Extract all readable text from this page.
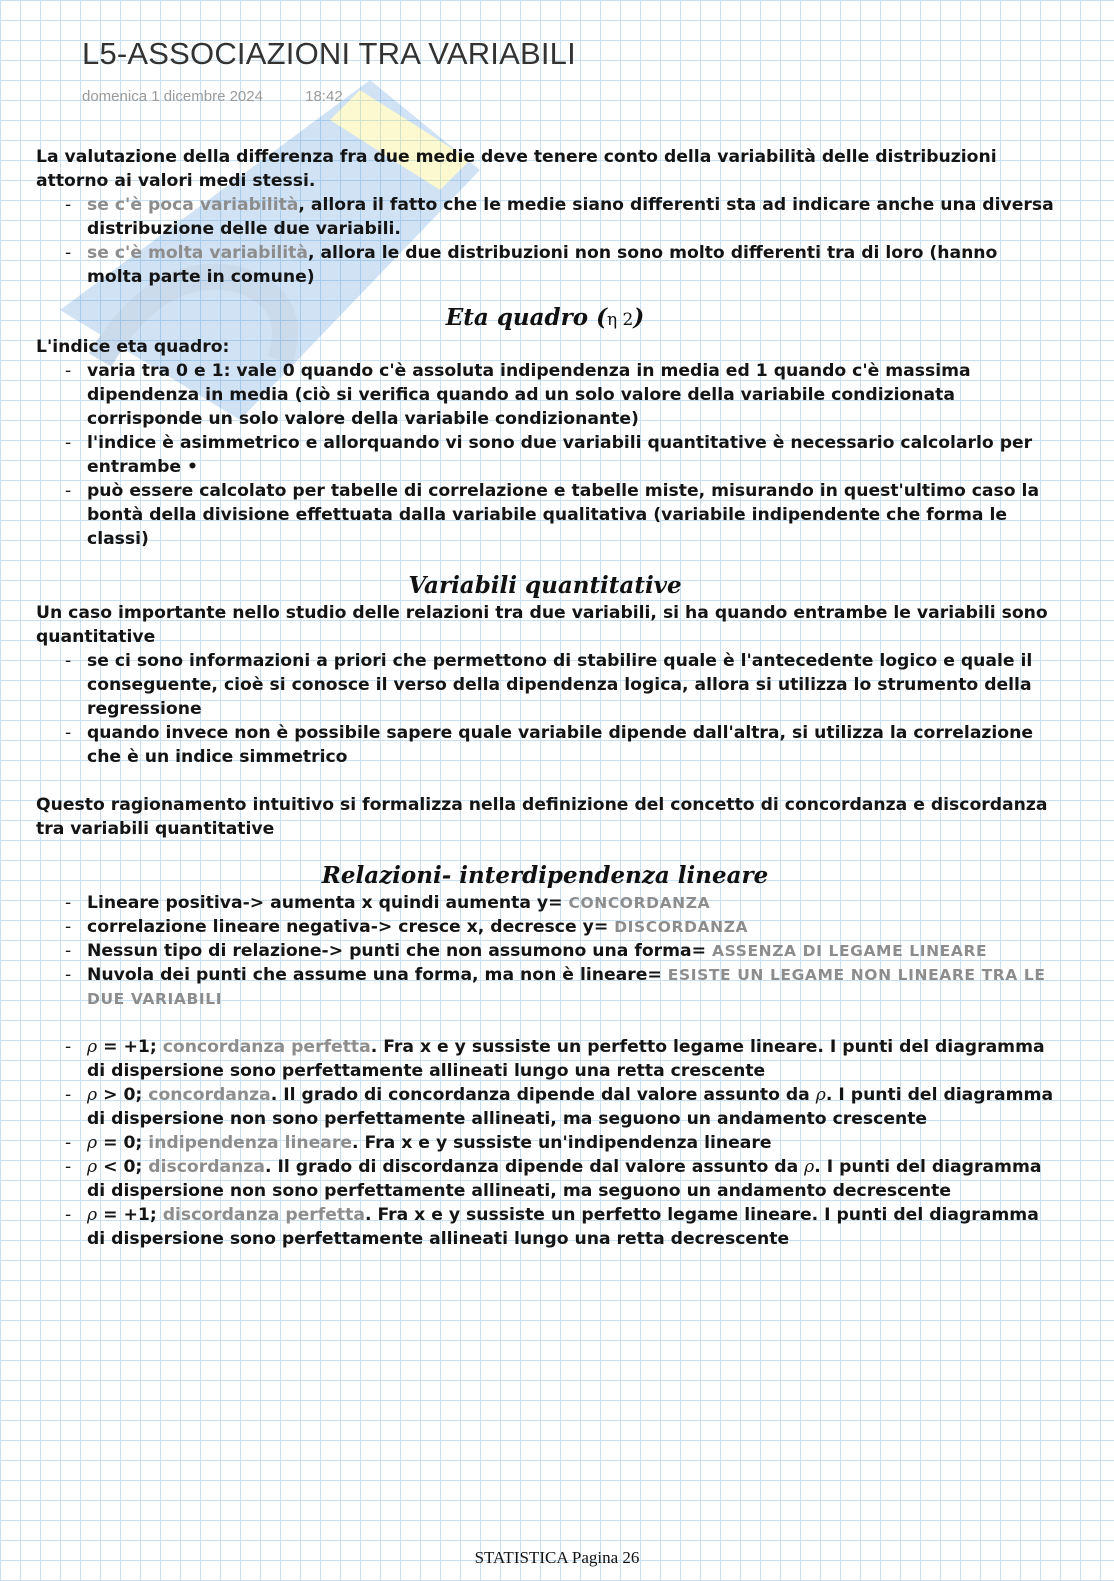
L5-ASSOCIAZIONI TRA VARIABILI
domenica 1 dicembre 2024	18:42

La valutazione della differenza fra due medie deve tenere conto della variabilità delle distribuzioni attorno ai valori medi stessi.

- se c'è poca variabilità, allora il fatto che le medie siano differenti sta ad indicare anche una diversa distribuzione delle due variabili.
- se c'è molta variabilità, allora le due distribuzioni non sono molto differenti tra di loro (hanno molta parte in comune)
Eta quadro (η 2)

L'indice eta quadro:

- varia tra 0 e 1: vale 0 quando c'è assoluta indipendenza in media ed 1 quando c'è massima dipendenza in media (ciò si verifica quando ad un solo valore della variabile condizionata corrisponde un solo valore della variabile condizionante)
- l'indice è asimmetrico e allorquando vi sono due variabili quantitative è necessario calcolarlo per entrambe •
- può essere calcolato per tabelle di correlazione e tabelle miste, misurando in quest'ultimo caso la bontà della divisione effettuata dalla variabile qualitativa (variabile indipendente che forma le classi)
Variabili quantitative

Un caso importante nello studio delle relazioni tra due variabili, si ha quando entrambe le variabili sono quantitative

- se ci sono informazioni a priori che permettono di stabilire quale è l'antecedente logico e quale il conseguente, cioè si conosce il verso della dipendenza logica, allora si utilizza lo strumento della regressione
- quando invece non è possibile sapere quale variabile dipende dall'altra, si utilizza la correlazione che è un indice simmetrico

Questo ragionamento intuitivo si formalizza nella definizione del concetto di concordanza e discordanza tra variabili quantitative

Relazioni- interdipendenza lineare
- Lineare positiva-> aumenta x quindi aumenta y= CONCORDANZA
- correlazione lineare negativa-> cresce x, decresce y= DISCORDANZA
- Nessun tipo di relazione-> punti che non assumono una forma= ASSENZA DI LEGAME LINEARE
- Nuvola dei punti che assume una forma, ma non è lineare= ESISTE UN LEGAME NON LINEARE TRA LE DUE VARIABILI
- ρ = +1; concordanza perfetta. Fra x e y sussiste un perfetto legame lineare. I punti del diagramma di dispersione sono perfettamente allineati lungo una retta crescente
- ρ > 0; concordanza. Il grado di concordanza dipende dal valore assunto da ρ. I punti del diagramma di dispersione non sono perfettamente allineati, ma seguono un andamento crescente
- ρ = 0; indipendenza lineare. Fra x e y sussiste un'indipendenza lineare
- ρ < 0; discordanza. Il grado di discordanza dipende dal valore assunto da ρ. I punti del diagramma di dispersione non sono perfettamente allineati, ma seguono un andamento decrescente
- ρ = +1; discordanza perfetta. Fra x e y sussiste un perfetto legame lineare. I punti del diagramma di dispersione sono perfettamente allineati lungo una retta decrescente
STATISTICA Pagina 26
